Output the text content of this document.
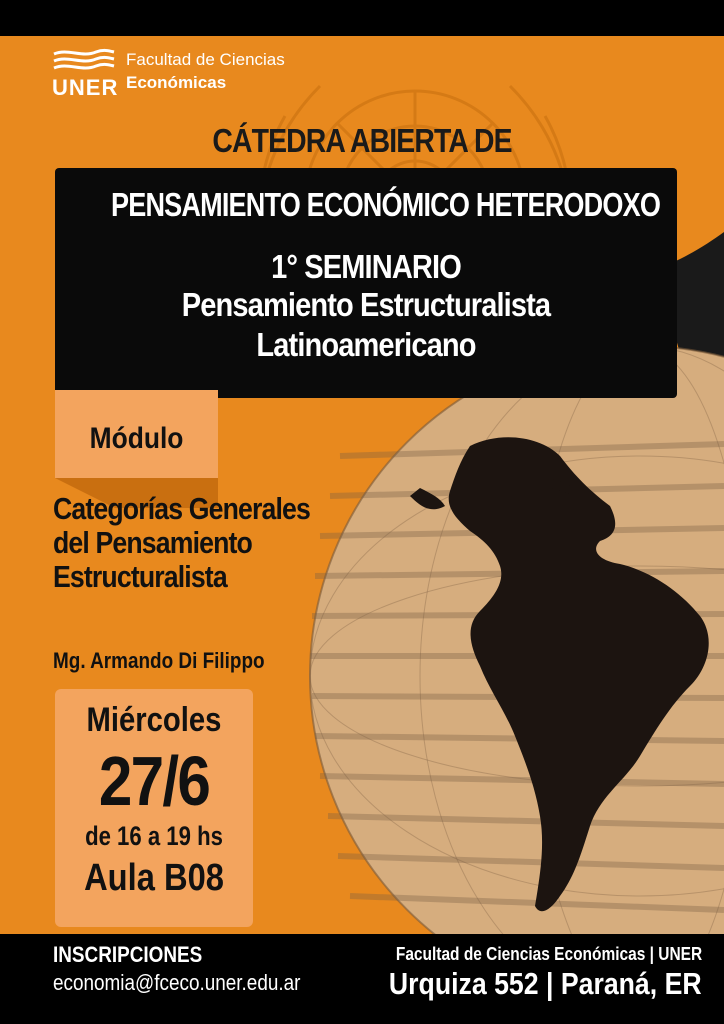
UNER
Facultad de Ciencias
Económicas
CÁTEDRA ABIERTA DE
PENSAMIENTO ECONÓMICO HETERODOXO
1° SEMINARIO
Pensamiento Estructuralista
Latinoamericano
Módulo
Categorías Generales
del Pensamiento
Estructuralista
Mg. Armando Di Filippo
Miércoles
27/6
de 16 a 19 hs
Aula B08
INSCRIPCIONES
economia@fceco.uner.edu.ar
Facultad de Ciencias Económicas | UNER
Urquiza 552 | Paraná, ER
